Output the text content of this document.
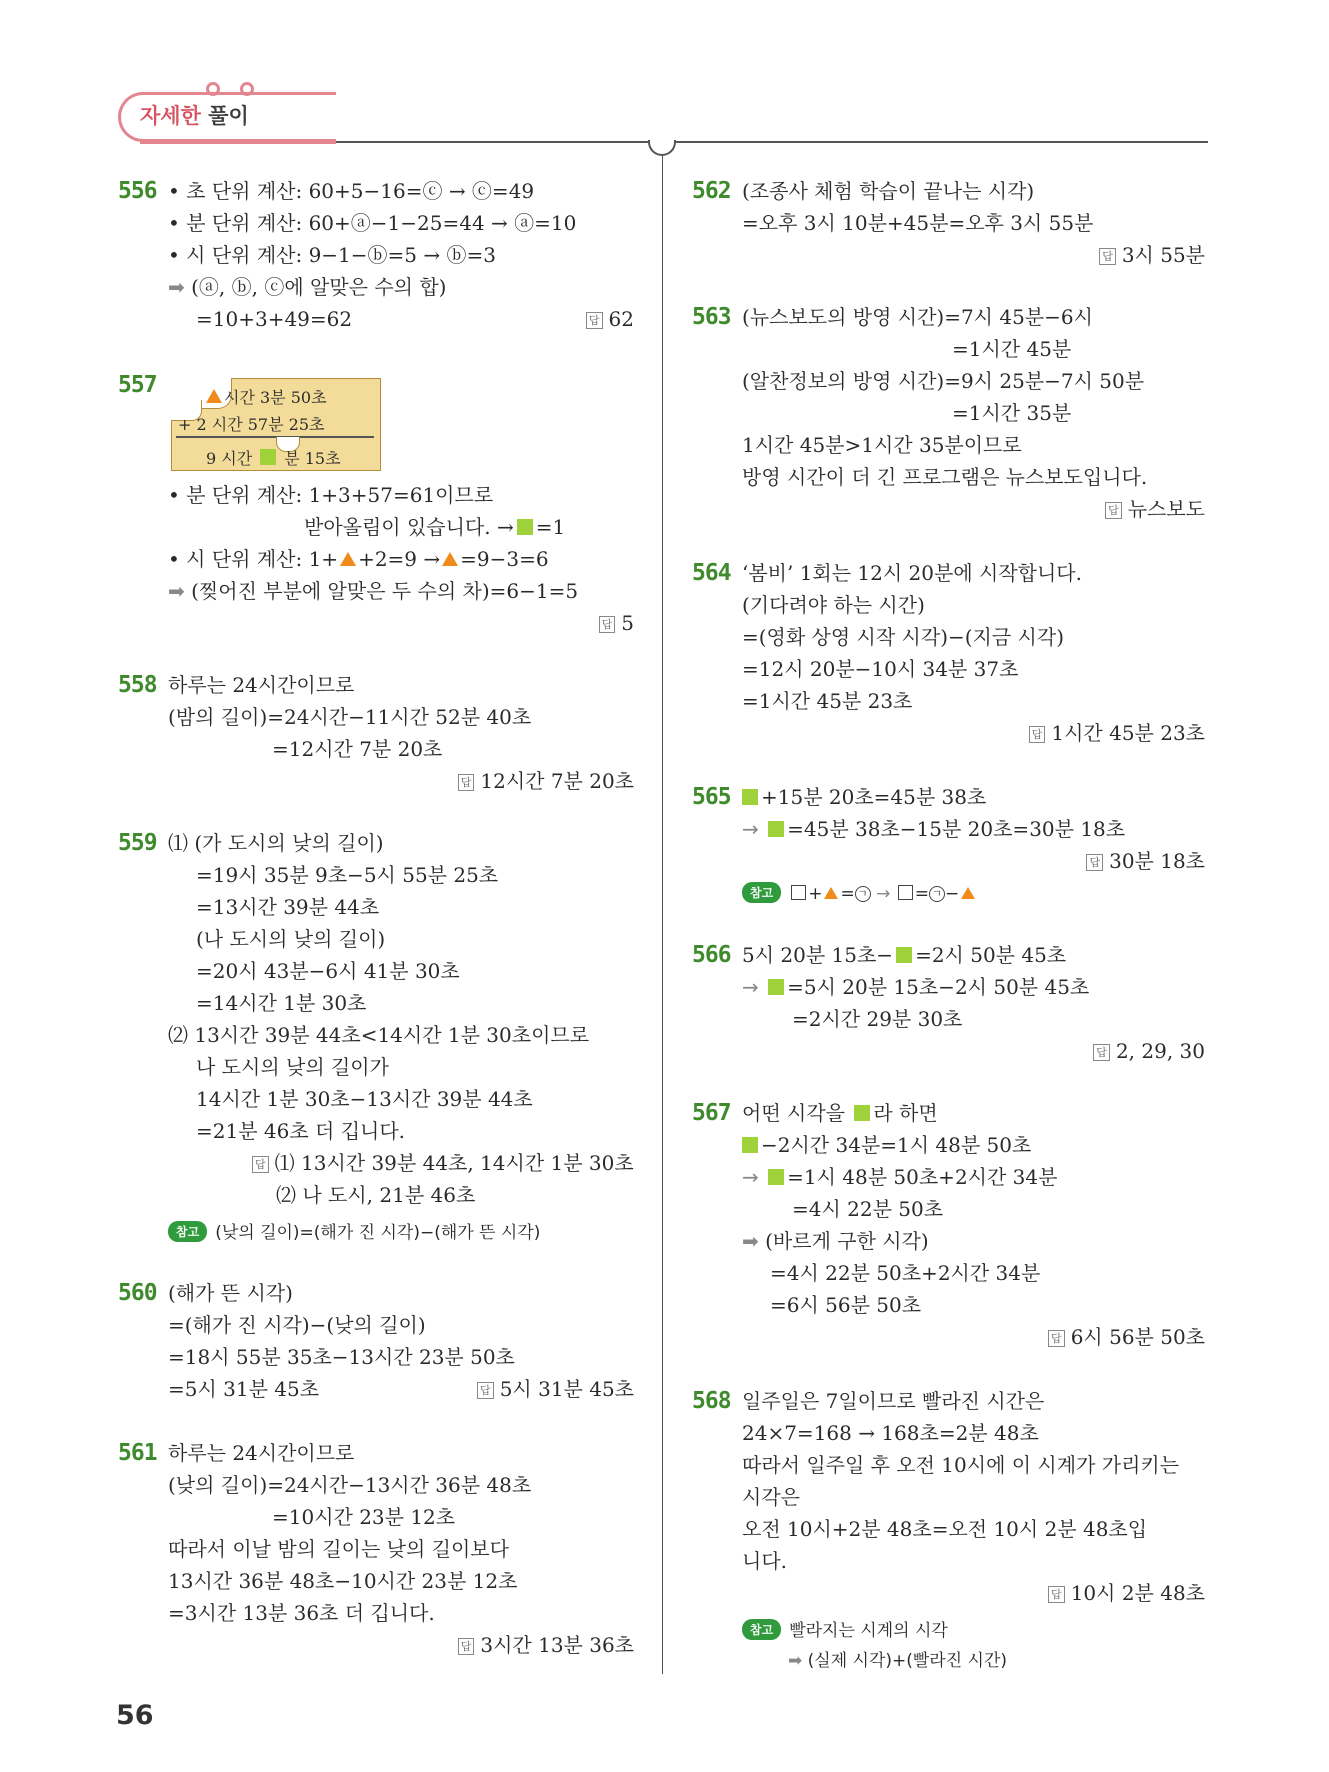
자세한 풀이
556 • 초 단위 계산: 60+5−16=ⓒ → ⓒ=49
• 분 단위 계산: 60+ⓐ−1−25=44 → ⓐ=10
• 시 단위 계산: 9−1−ⓑ=5 → ⓑ=3
➡ (ⓐ, ⓑ, ⓒ에 알맞은 수의 합)
=10+3+49=62	답 62
557	시간 3분 50초
+ 2 시간 57분 25초
9 시간 분 15초
• 분 단위 계산: 1+3+57=61이므로
받아올림이 있습니다. → =1
• 시 단위 계산: 1+ +2=9 → =9−3=6
➡ (찢어진 부분에 알맞은 두 수의 차)=6−1=5
답 5
558 하루는 24시간이므로
(밤의 길이)=24시간−11시간 52분 40초
=12시간 7분 20초
답 12시간 7분 20초
559 ⑴ (가 도시의 낮의 길이)
=19시 35분 9초−5시 55분 25초
=13시간 39분 44초
(나 도시의 낮의 길이)
=20시 43분−6시 41분 30초
=14시간 1분 30초
⑵ 13시간 39분 44초<14시간 1분 30초이므로
나 도시의 낮의 길이가
14시간 1분 30초−13시간 39분 44초
=21분 46초 더 깁니다.
답 ⑴ 13시간 39분 44초, 14시간 1분 30초
⑵ 나 도시, 21분 46초
참고 (낮의 길이)=(해가 진 시각)−(해가 뜬 시각)
560 (해가 뜬 시각)
=(해가 진 시각)−(낮의 길이)
=18시 55분 35초−13시간 23분 50초
=5시 31분 45초	답 5시 31분 45초
561 하루는 24시간이므로
(낮의 길이)=24시간−13시간 36분 48초
=10시간 23분 12초
따라서 이날 밤의 길이는 낮의 길이보다
13시간 36분 48초−10시간 23분 12초
=3시간 13분 36초 더 깁니다.
답 3시간 13분 36초
562 (조종사 체험 학습이 끝나는 시각)
=오후 3시 10분+45분=오후 3시 55분
답 3시 55분
563 (뉴스보도의 방영 시간)=7시 45분−6시
=1시간 45분
(알찬정보의 방영 시간)=9시 25분−7시 50분
=1시간 35분
1시간 45분>1시간 35분이므로
방영 시간이 더 긴 프로그램은 뉴스보도입니다.
답 뉴스보도
564 ‘봄비’ 1회는 12시 20분에 시작합니다.
(기다려야 하는 시간)
=(영화 상영 시작 시각)−(지금 시각)
=12시 20분−10시 34분 37초
=1시간 45분 23초
답 1시간 45분 23초
565	+15분 20초=45분 38초
→ =45분 38초−15분 20초=30분 18초
답 30분 18초
참고 + = ㄱ → = ㄱ −
566 5시 20분 15초− =2시 50분 45초
→ =5시 20분 15초−2시 50분 45초
=2시간 29분 30초
답 2, 29, 30
567 어떤 시각을 라 하면
−2시간 34분=1시 48분 50초
→ =1시 48분 50초+2시간 34분
=4시 22분 50초
➡ (바르게 구한 시각)
=4시 22분 50초+2시간 34분
=6시 56분 50초
답 6시 56분 50초
568 일주일은 7일이므로 빨라진 시간은
24×7=168 → 168초=2분 48초
따라서 일주일 후 오전 10시에 이 시계가 가리키는
시각은
오전 10시+2분 48초=오전 10시 2분 48초입
니다.
답 10시 2분 48초
참고 빨라지는 시계의 시각
➡ (실제 시각)+(빨라진 시간)
56
